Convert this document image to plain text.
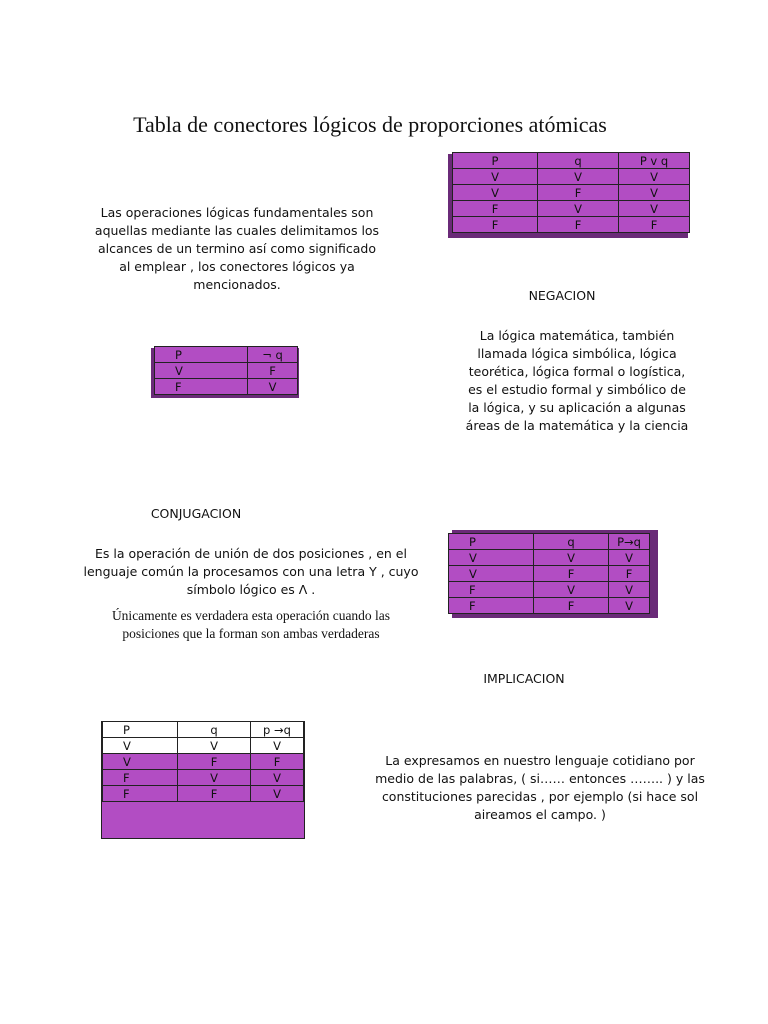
Tabla de conectores lógicos de proporciones atómicas
Las operaciones lógicas fundamentales son aquellas mediante las cuales delimitamos los alcances de un termino así como significado al emplear , los conectores lógicos ya mencionados.
P	q	P v q
V	V	V
V	F	V
F	V	V
F	F	F
NEGACION
La lógica matemática, también llamada lógica simbólica, lógica teorética, lógica formal o logística, es el estudio formal y simbólico de la lógica, y su aplicación a algunas áreas de la matemática y la ciencia
P	¬ q
V	F
F	V
CONJUGACION
Es la operación de unión de dos posiciones , en el lenguaje común la procesamos con una letra Y , cuyo símbolo lógico es Λ .
Únicamente es verdadera esta operación cuando las posiciones que la forman son ambas verdaderas
P	q	P→q
V	V	V
V	F	F
F	V	V
F	F	V
IMPLICACION
P	q	p →q
V	V	V
V	F	F
F	V	V
F	F	V
La expresamos en nuestro lenguaje cotidiano por medio de las palabras, ( si…… entonces …….. ) y las constituciones parecidas , por ejemplo (si hace sol aireamos el campo. )
